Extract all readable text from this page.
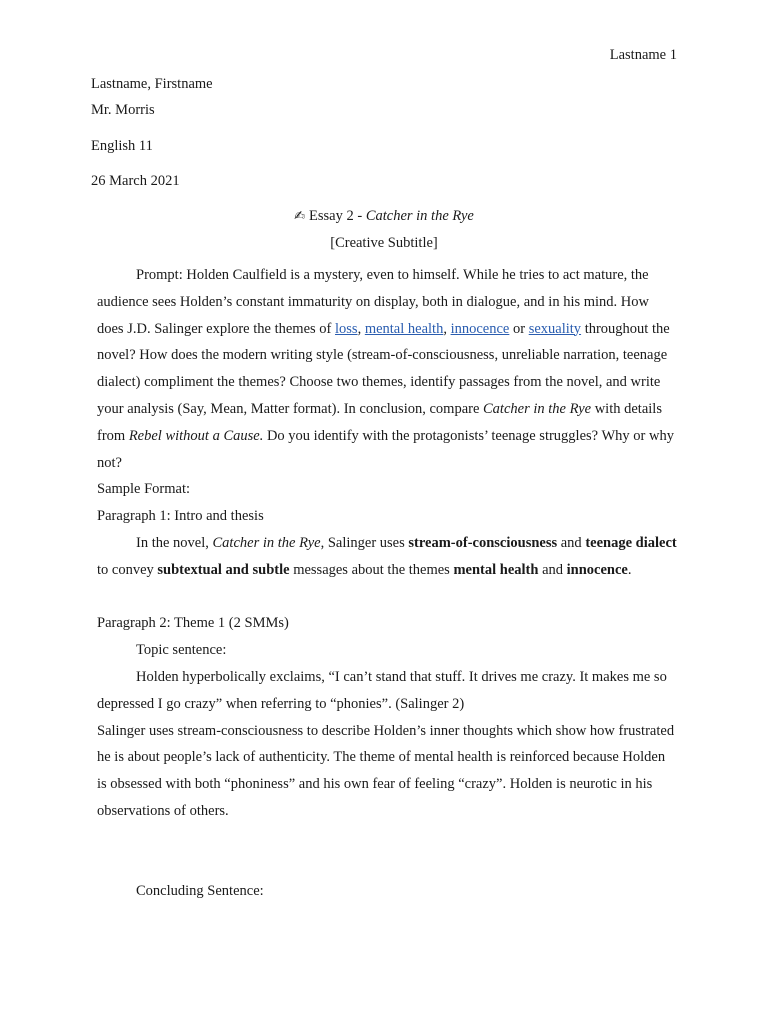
Lastname 1
Lastname, Firstname
Mr. Morris
English 11
26 March 2021
✍ Essay 2 - Catcher in the Rye
[Creative Subtitle]

Prompt: Holden Caulfield is a mystery, even to himself. While he tries to act mature, the audience sees Holden’s constant immaturity on display, both in dialogue, and in his mind. How does J.D. Salinger explore the themes of loss, mental health, innocence or sexuality throughout the novel? How does the modern writing style (stream-of-consciousness, unreliable narration, teenage dialect) compliment the themes? Choose two themes, identify passages from the novel, and write your analysis (Say, Mean, Matter format). In conclusion, compare Catcher in the Rye with details from Rebel without a Cause. Do you identify with the protagonists’ teenage struggles? Why or why not?

Sample Format:

Paragraph 1: Intro and thesis

In the novel, Catcher in the Rye, Salinger uses stream-of-consciousness and teenage dialect to convey subtextual and subtle messages about the themes mental health and innocence.

Paragraph 2: Theme 1 (2 SMMs)

Topic sentence:

Holden hyperbolically exclaims, “I can’t stand that stuff. It drives me crazy. It makes me so depressed I go crazy” when referring to “phonies”. (Salinger 2)

Salinger uses stream-consciousness to describe Holden’s inner thoughts which show how frustrated he is about people’s lack of authenticity. The theme of mental health is reinforced because Holden is obsessed with both “phoniness” and his own fear of feeling “crazy”. Holden is neurotic in his observations of others.

Concluding Sentence:
